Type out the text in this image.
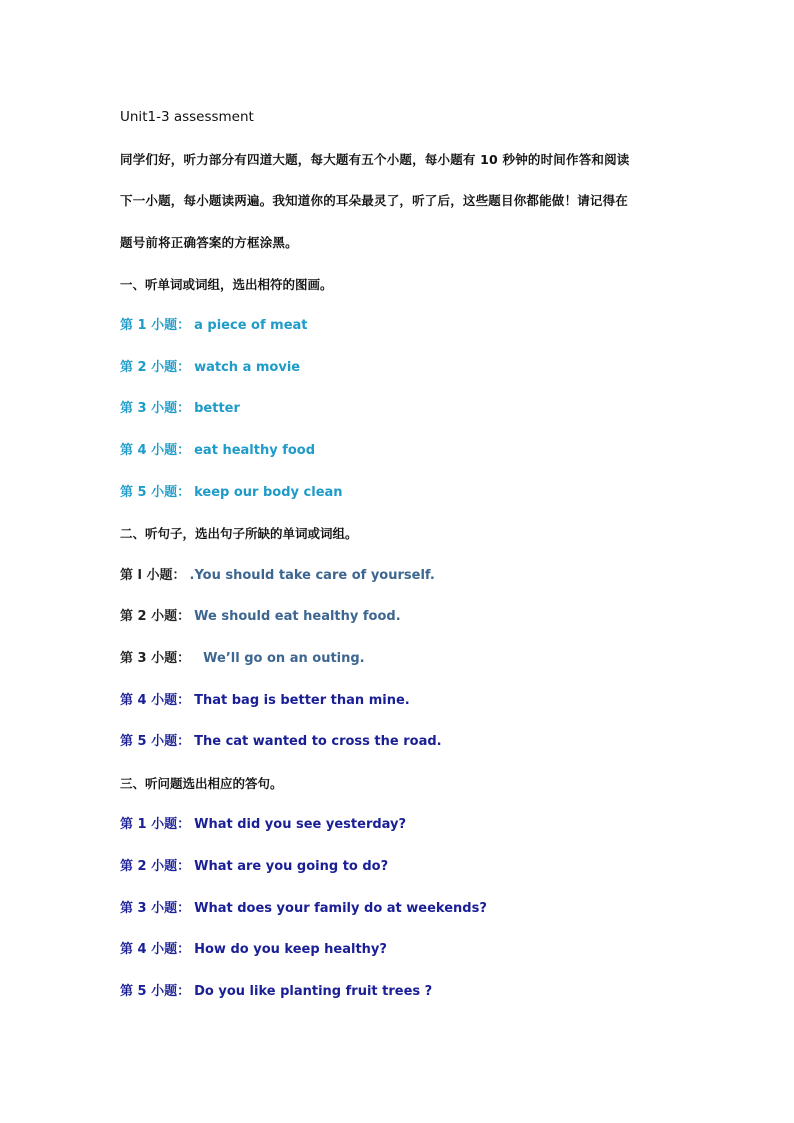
Unit1-3 assessment
同学们好，听力部分有四道大题，每大题有五个小题，每小题有 10 秒钟的时间作答和阅读
下一小题，每小题读两遍。我知道你的耳朵最灵了，听了后，这些题目你都能做！请记得在
题号前将正确答案的方框涂黑。
一、听单词或词组，选出相符的图画。
第 1 小题： a piece of meat
第 2 小题： watch a movie
第 3 小题： better
第 4 小题： eat healthy food
第 5 小题： keep our body clean
二、听句子，选出句子所缺的单词或词组。
第 l 小题： .You should take care of yourself.
第 2 小题： We should eat healthy food.
第 3 小题：  We’ll go on an outing.
第 4 小题： That bag is better than mine.
第 5 小题： The cat wanted to cross the road.
三、听问题选出相应的答句。
第 1 小题： What did you see yesterday?
第 2 小题： What are you going to do?
第 3 小题： What does your family do at weekends?
第 4 小题： How do you keep healthy?
第 5 小题： Do you like planting fruit trees ?
